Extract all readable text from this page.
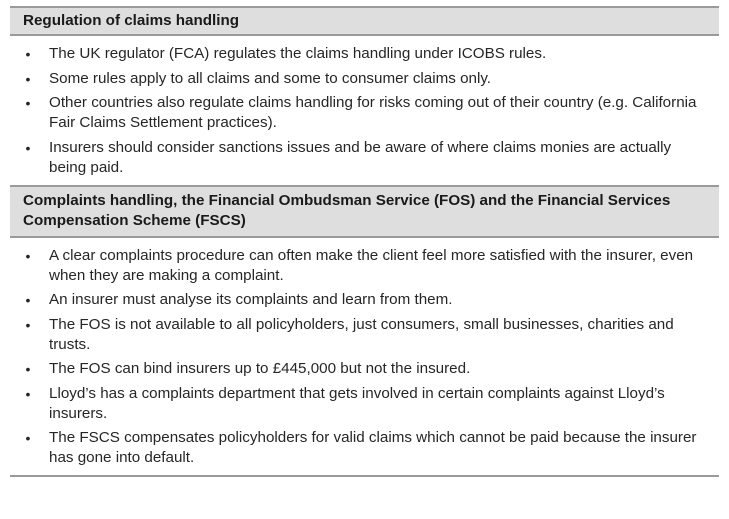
Regulation of claims handling
• The UK regulator (FCA) regulates the claims handling under ICOBS rules.
• Some rules apply to all claims and some to consumer claims only.
• Other countries also regulate claims handling for risks coming out of their country (e.g. California Fair Claims Settlement practices).
• Insurers should consider sanctions issues and be aware of where claims monies are actually being paid.
Complaints handling, the Financial Ombudsman Service (FOS) and the Financial Services Compensation Scheme (FSCS)
• A clear complaints procedure can often make the client feel more satisfied with the insurer, even when they are making a complaint.
• An insurer must analyse its complaints and learn from them.
• The FOS is not available to all policyholders, just consumers, small businesses, charities and trusts.
• The FOS can bind insurers up to £445,000 but not the insured.
• Lloyd’s has a complaints department that gets involved in certain complaints against Lloyd’s insurers.
• The FSCS compensates policyholders for valid claims which cannot be paid because the insurer has gone into default.
